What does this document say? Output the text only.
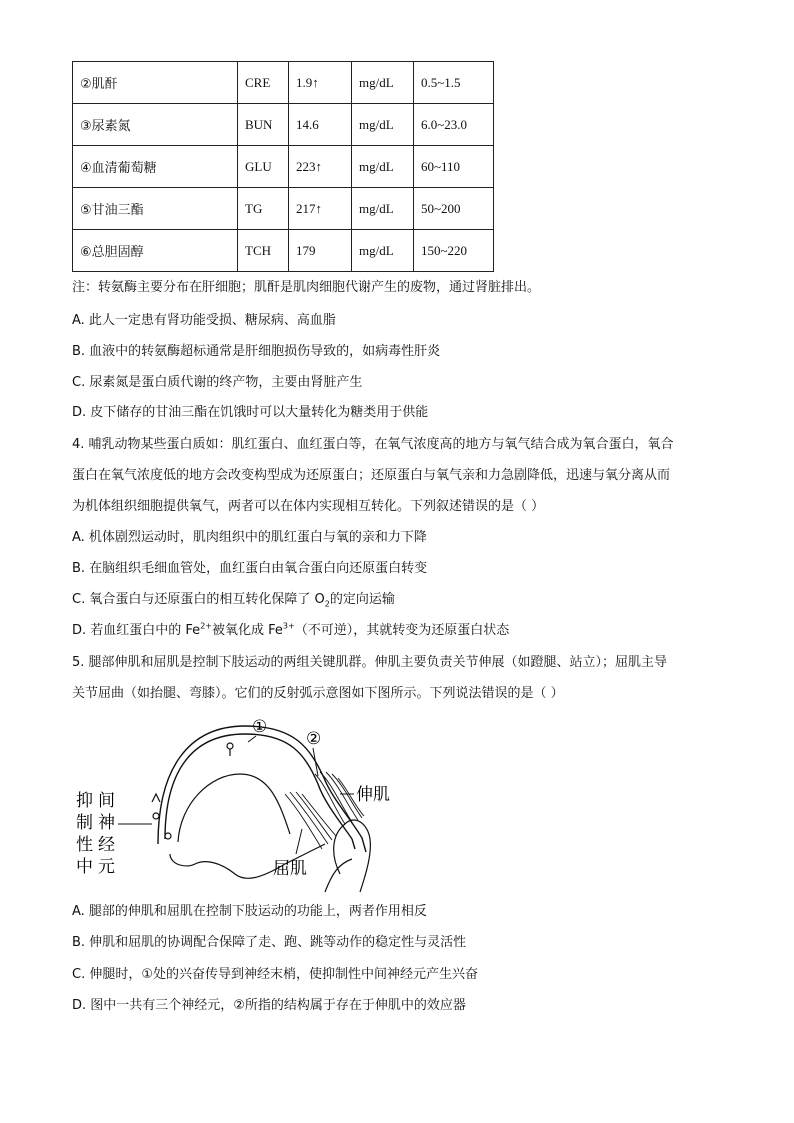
②肌酐	CRE	1.9↑	mg/dL	0.5~1.5
③尿素氮	BUN	14.6	mg/dL	6.0~23.0
④血清葡萄糖	GLU	223↑	mg/dL	60~110
⑤甘油三酯	TG	217↑	mg/dL	50~200
⑥总胆固醇	TCH	179	mg/dL	150~220
注：转氨酶主要分布在肝细胞；肌酐是肌肉细胞代谢产生的废物，通过肾脏排出。
A. 此人一定患有肾功能受损、糖尿病、高血脂
B. 血液中的转氨酶超标通常是肝细胞损伤导致的，如病毒性肝炎
C. 尿素氮是蛋白质代谢的终产物，主要由肾脏产生
D. 皮下储存的甘油三酯在饥饿时可以大量转化为糖类用于供能
4. 哺乳动物某些蛋白质如：肌红蛋白、血红蛋白等，在氧气浓度高的地方与氧气结合成为氧合蛋白，氧合
蛋白在氧气浓度低的地方会改变构型成为还原蛋白；还原蛋白与氧气亲和力急剧降低，迅速与氧分离从而
为机体组织细胞提供氧气，两者可以在体内实现相互转化。下列叙述错误的是（ ）
A. 机体剧烈运动时，肌肉组织中的肌红蛋白与氧的亲和力下降
B. 在脑组织毛细血管处，血红蛋白由氧合蛋白向还原蛋白转变
C. 氧合蛋白与还原蛋白的相互转化保障了 $O_2$的定向运输
D. 若血红蛋白中的 $Fe^{2+}$被氧化成 $Fe^{3+}$（不可逆），其就转变为还原蛋白状态
5. 腿部伸肌和屈肌是控制下肢运动的两组关键肌群。伸肌主要负责关节伸展（如蹬腿、站立）；屈肌主导
关节屈曲（如抬腿、弯膝）。它们的反射弧示意图如下图所示。下列说法错误的是（ ）
①
②
伸肌
屈肌
抑
制
性
中
间
神
经
元
A. 腿部的伸肌和屈肌在控制下肢运动的功能上，两者作用相反
B. 伸肌和屈肌的协调配合保障了走、跑、跳等动作的稳定性与灵活性
C. 伸腿时，①处的兴奋传导到神经末梢，使抑制性中间神经元产生兴奋
D. 图中一共有三个神经元，②所指的结构属于存在于伸肌中的效应器
